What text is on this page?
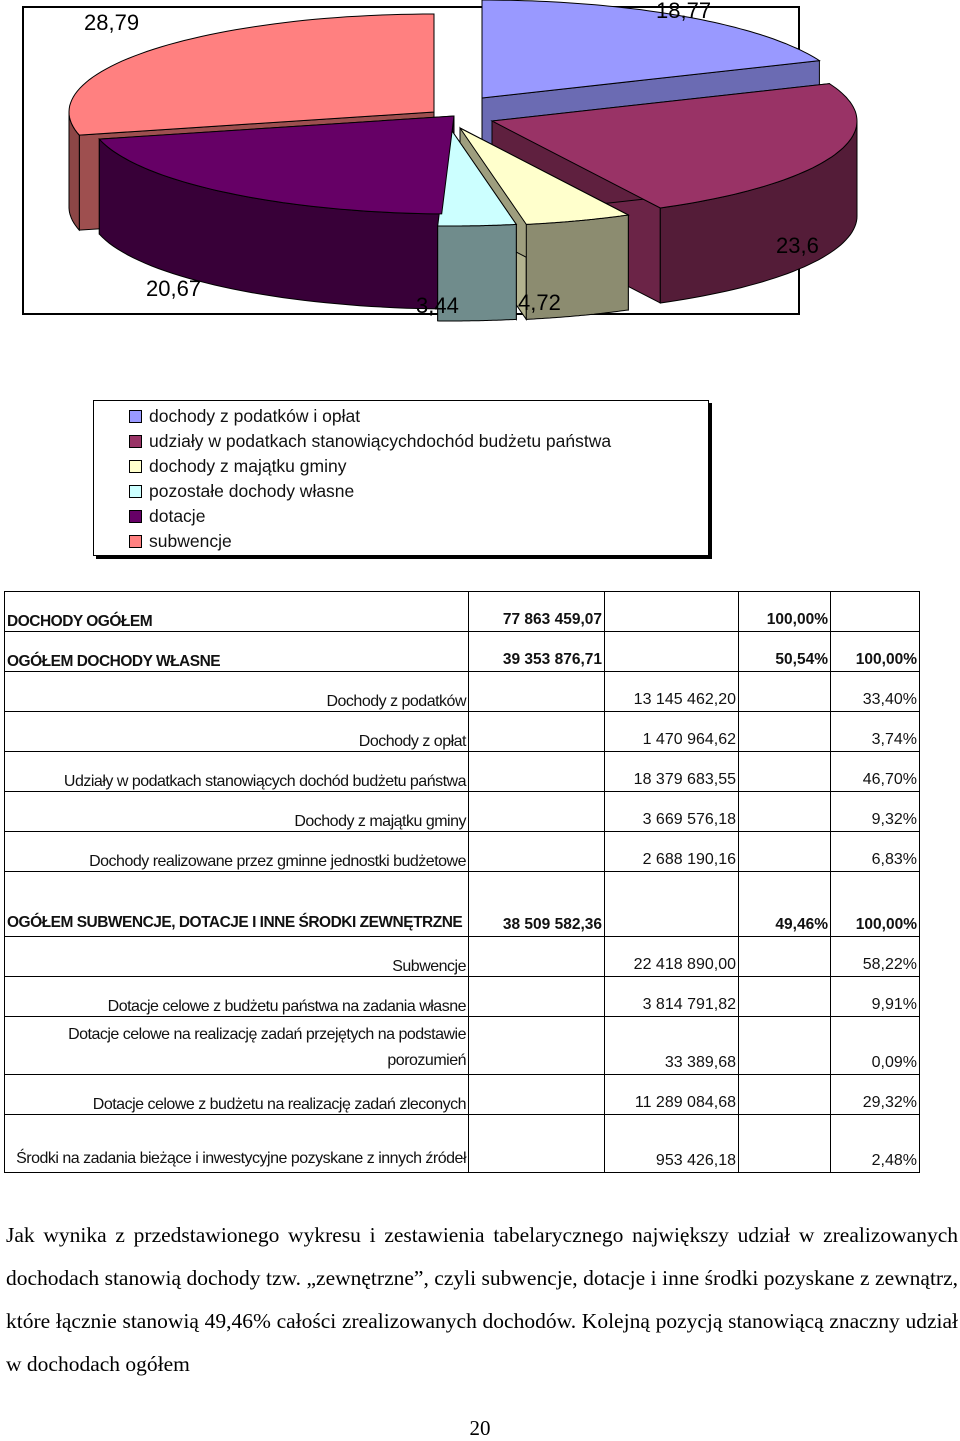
18,77
23,6
4,72
3,44
20,67
28,79
dochody z podatków i opłat
udziały w podatkach stanowiącychdochód budżetu państwa
dochody z majątku gminy
pozostałe dochody własne
dotacje
subwencje
DOCHODY OGÓŁEM	77 863 459,07		100,00%	
OGÓŁEM DOCHODY WŁASNE	39 353 876,71		50,54%	100,00%
Dochody z podatków		13 145 462,20		33,40%
Dochody z opłat		1 470 964,62		3,74%
Udziały w podatkach stanowiących dochód budżetu państwa		18 379 683,55		46,70%
Dochody z majątku gminy		3 669 576,18		9,32%
Dochody realizowane przez gminne jednostki budżetowe		2 688 190,16		6,83%
OGÓŁEM SUBWENCJE, DOTACJE I INNE ŚRODKI ZEWNĘTRZNE	38 509 582,36		49,46%	100,00%
Subwencje		22 418 890,00		58,22%
Dotacje celowe z budżetu państwa na zadania własne		3 814 791,82		9,91%
Dotacje celowe na realizację zadań przejętych na podstawie porozumień		33 389,68		0,09%
Dotacje celowe z budżetu na realizację zadań zleconych		11 289 084,68		29,32%
Środki na zadania bieżące i inwestycyjne pozyskane z innych źródeł		953 426,18		2,48%

Jak wynika z przedstawionego wykresu i zestawienia tabelarycznego największy udział w zrealizowanych dochodach stanowią dochody tzw. „zewnętrzne”, czyli subwencje, dotacje i inne środki pozyskane z zewnątrz, które łącznie stanowią 49,46% całości zrealizowanych dochodów. Kolejną pozycją stanowiącą znaczny udział w dochodach ogółem

20
